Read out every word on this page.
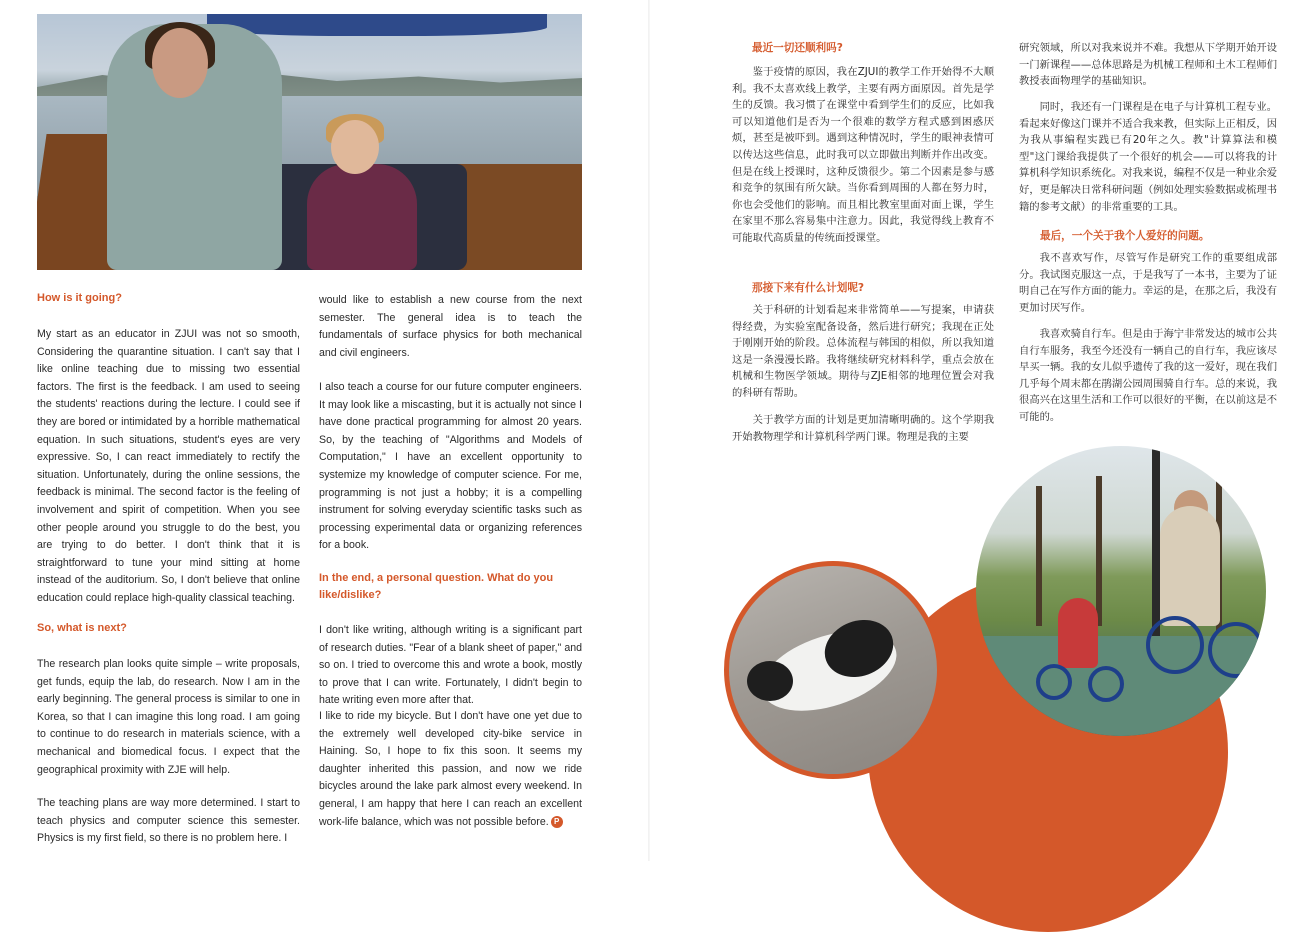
How is it going?

My start as an educator in ZJUI was not so smooth, Considering the quarantine situation. I can't say that I like online teaching due to missing two essential factors. The first is the feedback. I am used to seeing the students' reactions during the lecture. I could see if they are bored or intimidated by a horrible mathematical equation. In such situations, student's eyes are very expressive. So, I can react immediately to rectify the situation. Unfortunately, during the online sessions, the feedback is minimal. The second factor is the feeling of involvement and spirit of competition. When you see other people around you struggle to do the best, you are trying to do better. I don't think that it is straightforward to tune your mind sitting at home instead of the auditorium. So, I don't believe that online education could replace high-quality classical teaching.

So, what is next?

The research plan looks quite simple – write proposals, get funds, equip the lab, do research. Now I am in the early beginning. The general process is similar to one in Korea, so that I can imagine this long road. I am going to continue to do research in materials science, with a mechanical and biomedical focus. I expect that the geographical proximity with ZJE will help.

The teaching plans are way more determined. I start to teach physics and computer science this semester. Physics is my first field, so there is no problem here. I

would like to establish a new course from the next semester. The general idea is to teach the fundamentals of surface physics for both mechanical and civil engineers.

I also teach a course for our future computer engineers. It may look like a miscasting, but it is actually not since I have done practical programming for almost 20 years. So, by the teaching of "Algorithms and Models of Computation," I have an excellent opportunity to systemize my knowledge of computer science. For me, programming is not just a hobby; it is a compelling instrument for solving everyday scientific tasks such as processing experimental data or organizing references for a book.

In the end, a personal question. What do you like/dislike?

I don't like writing, although writing is a significant part of research duties. "Fear of a blank sheet of paper," and so on. I tried to overcome this and wrote a book, mostly to prove that I can write. Fortunately, I didn't begin to hate writing even more after that.

I like to ride my bicycle. But I don't have one yet due to the extremely well developed city-bike service in Haining. So, I hope to fix this soon. It seems my daughter inherited this passion, and now we ride bicycles around the lake park almost every weekend. In general, I am happy that here I can reach an excellent work-life balance, which was not possible before. P

最近一切还顺利吗?

鉴于疫情的原因，我在ZJUI的教学工作开始得不大顺利。我不太喜欢线上教学，主要有两方面原因。首先是学生的反馈。我习惯了在课堂中看到学生们的反应，比如我可以知道他们是否为一个很难的数学方程式感到困惑厌烦，甚至是被吓到。遇到这种情况时，学生的眼神表情可以传达这些信息，此时我可以立即做出判断并作出改变。但是在线上授课时，这种反馈很少。第二个因素是参与感和竞争的氛围有所欠缺。当你看到周围的人都在努力时，你也会受他们的影响。而且相比教室里面对面上课，学生在家里不那么容易集中注意力。因此，我觉得线上教育不可能取代高质量的传统面授课堂。

那接下来有什么计划呢?

关于科研的计划看起来非常简单——写提案，申请获得经费，为实验室配备设备，然后进行研究；我现在正处于刚刚开始的阶段。总体流程与韩国的相似，所以我知道这是一条漫漫长路。我将继续研究材料科学，重点会放在机械和生物医学领域。期待与ZJE相邻的地理位置会对我的科研有帮助。

关于教学方面的计划是更加清晰明确的。这个学期我开始教物理学和计算机科学两门课。物理是我的主要

研究领域，所以对我来说并不难。我想从下学期开始开设一门新课程——总体思路是为机械工程师和土木工程师们教授表面物理学的基础知识。

同时，我还有一门课程是在电子与计算机工程专业。看起来好像这门课并不适合我来教，但实际上正相反，因为我从事编程实践已有20年之久。教"计算算法和模型"这门课给我提供了一个很好的机会——可以将我的计算机科学知识系统化。对我来说，编程不仅是一种业余爱好，更是解决日常科研问题（例如处理实验数据或梳理书籍的参考文献）的非常重要的工具。

最后，一个关于我个人爱好的问题。

我不喜欢写作，尽管写作是研究工作的重要组成部分。我试图克服这一点，于是我写了一本书，主要为了证明自己在写作方面的能力。幸运的是，在那之后，我没有更加讨厌写作。

我喜欢骑自行车。但是由于海宁非常发达的城市公共自行车服务，我至今还没有一辆自己的自行车，我应该尽早买一辆。我的女儿似乎遗传了我的这一爱好，现在我们几乎每个周末都在鹃湖公园周围骑自行车。总的来说，我很高兴在这里生活和工作可以很好的平衡，在以前这是不可能的。
